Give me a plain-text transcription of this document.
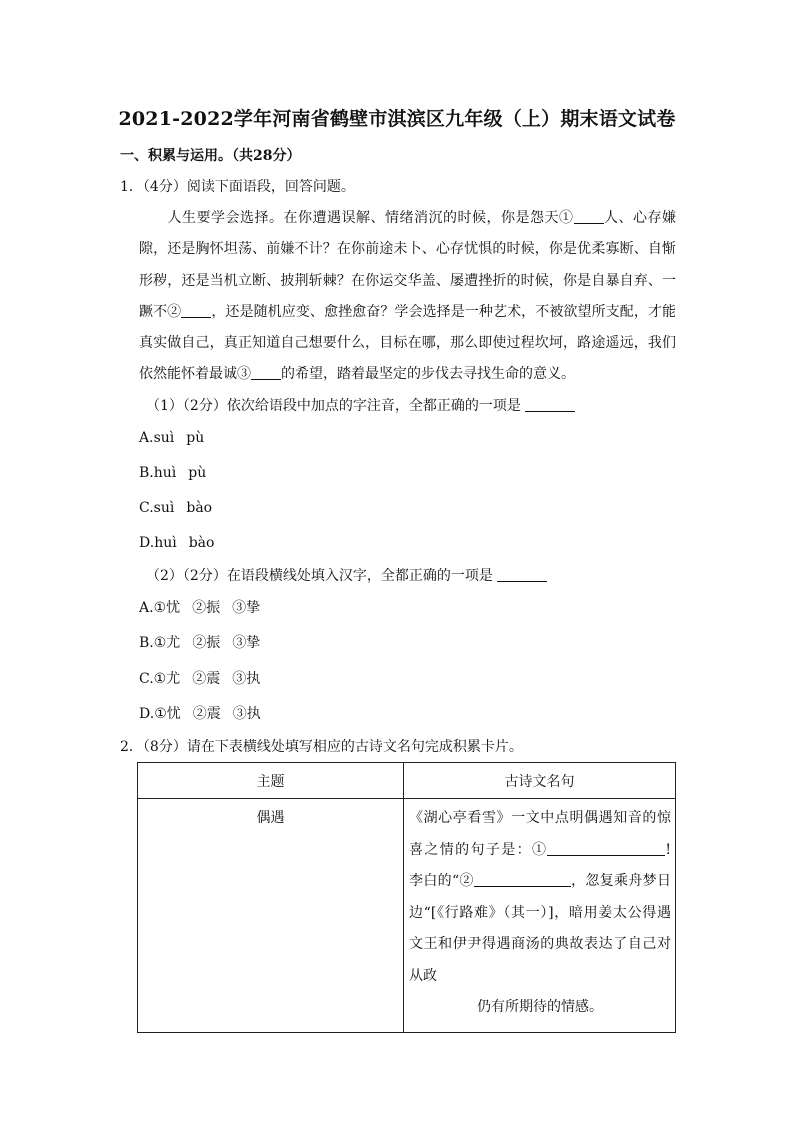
2021-2022学年河南省鹤壁市淇滨区九年级（上）期末语文试卷
一、积累与运用。（共28分）
1．（4分）阅读下面语段，回答问题。
人生要学会选择。在你遭遇误解、情绪消沉的时候，你是怨天① 人、心存嫌隙，还是胸怀坦荡、前嫌不计？在你前途未卜、心存忧惧的时候，你是优柔寡断、自惭形秽，还是当机立断、披荆斩棘？在你运交华盖、屡遭挫折的时候，你是自暴自弃、一蹶不② ，还是随机应变、愈挫愈奋？学会选择是一种艺术，不被欲望所支配，才能真实做自己，真正知道自己想要什么，目标在哪，那么即使过程坎坷，路途遥远，我们依然能怀着最诚③ 的希望，踏着最坚定的步伐去寻找生命的意义。
（1）（2分）依次给语段中加点的字注音，全都正确的一项是
A.suì pù
B.huì pù
C.suì bào
D.huì bào
（2）（2分）在语段横线处填入汉字，全都正确的一项是
A.①忧 ②振 ③挚
B.①尤 ②振 ③挚
C.①尤 ②震 ③执
D.①忧 ②震 ③执
2．（8分）请在下表横线处填写相应的古诗文名句完成积累卡片。
主题	古诗文名句
偶遇	《湖心亭看雪》一文中点明偶遇知音的惊喜之情的句子是：① !李白的“② ，忽复乘舟梦日边“[《行路难》（其一）]，暗用姜太公得遇文王和伊尹得遇商汤的典故表达了自己对从政
仍有所期待的情感。
